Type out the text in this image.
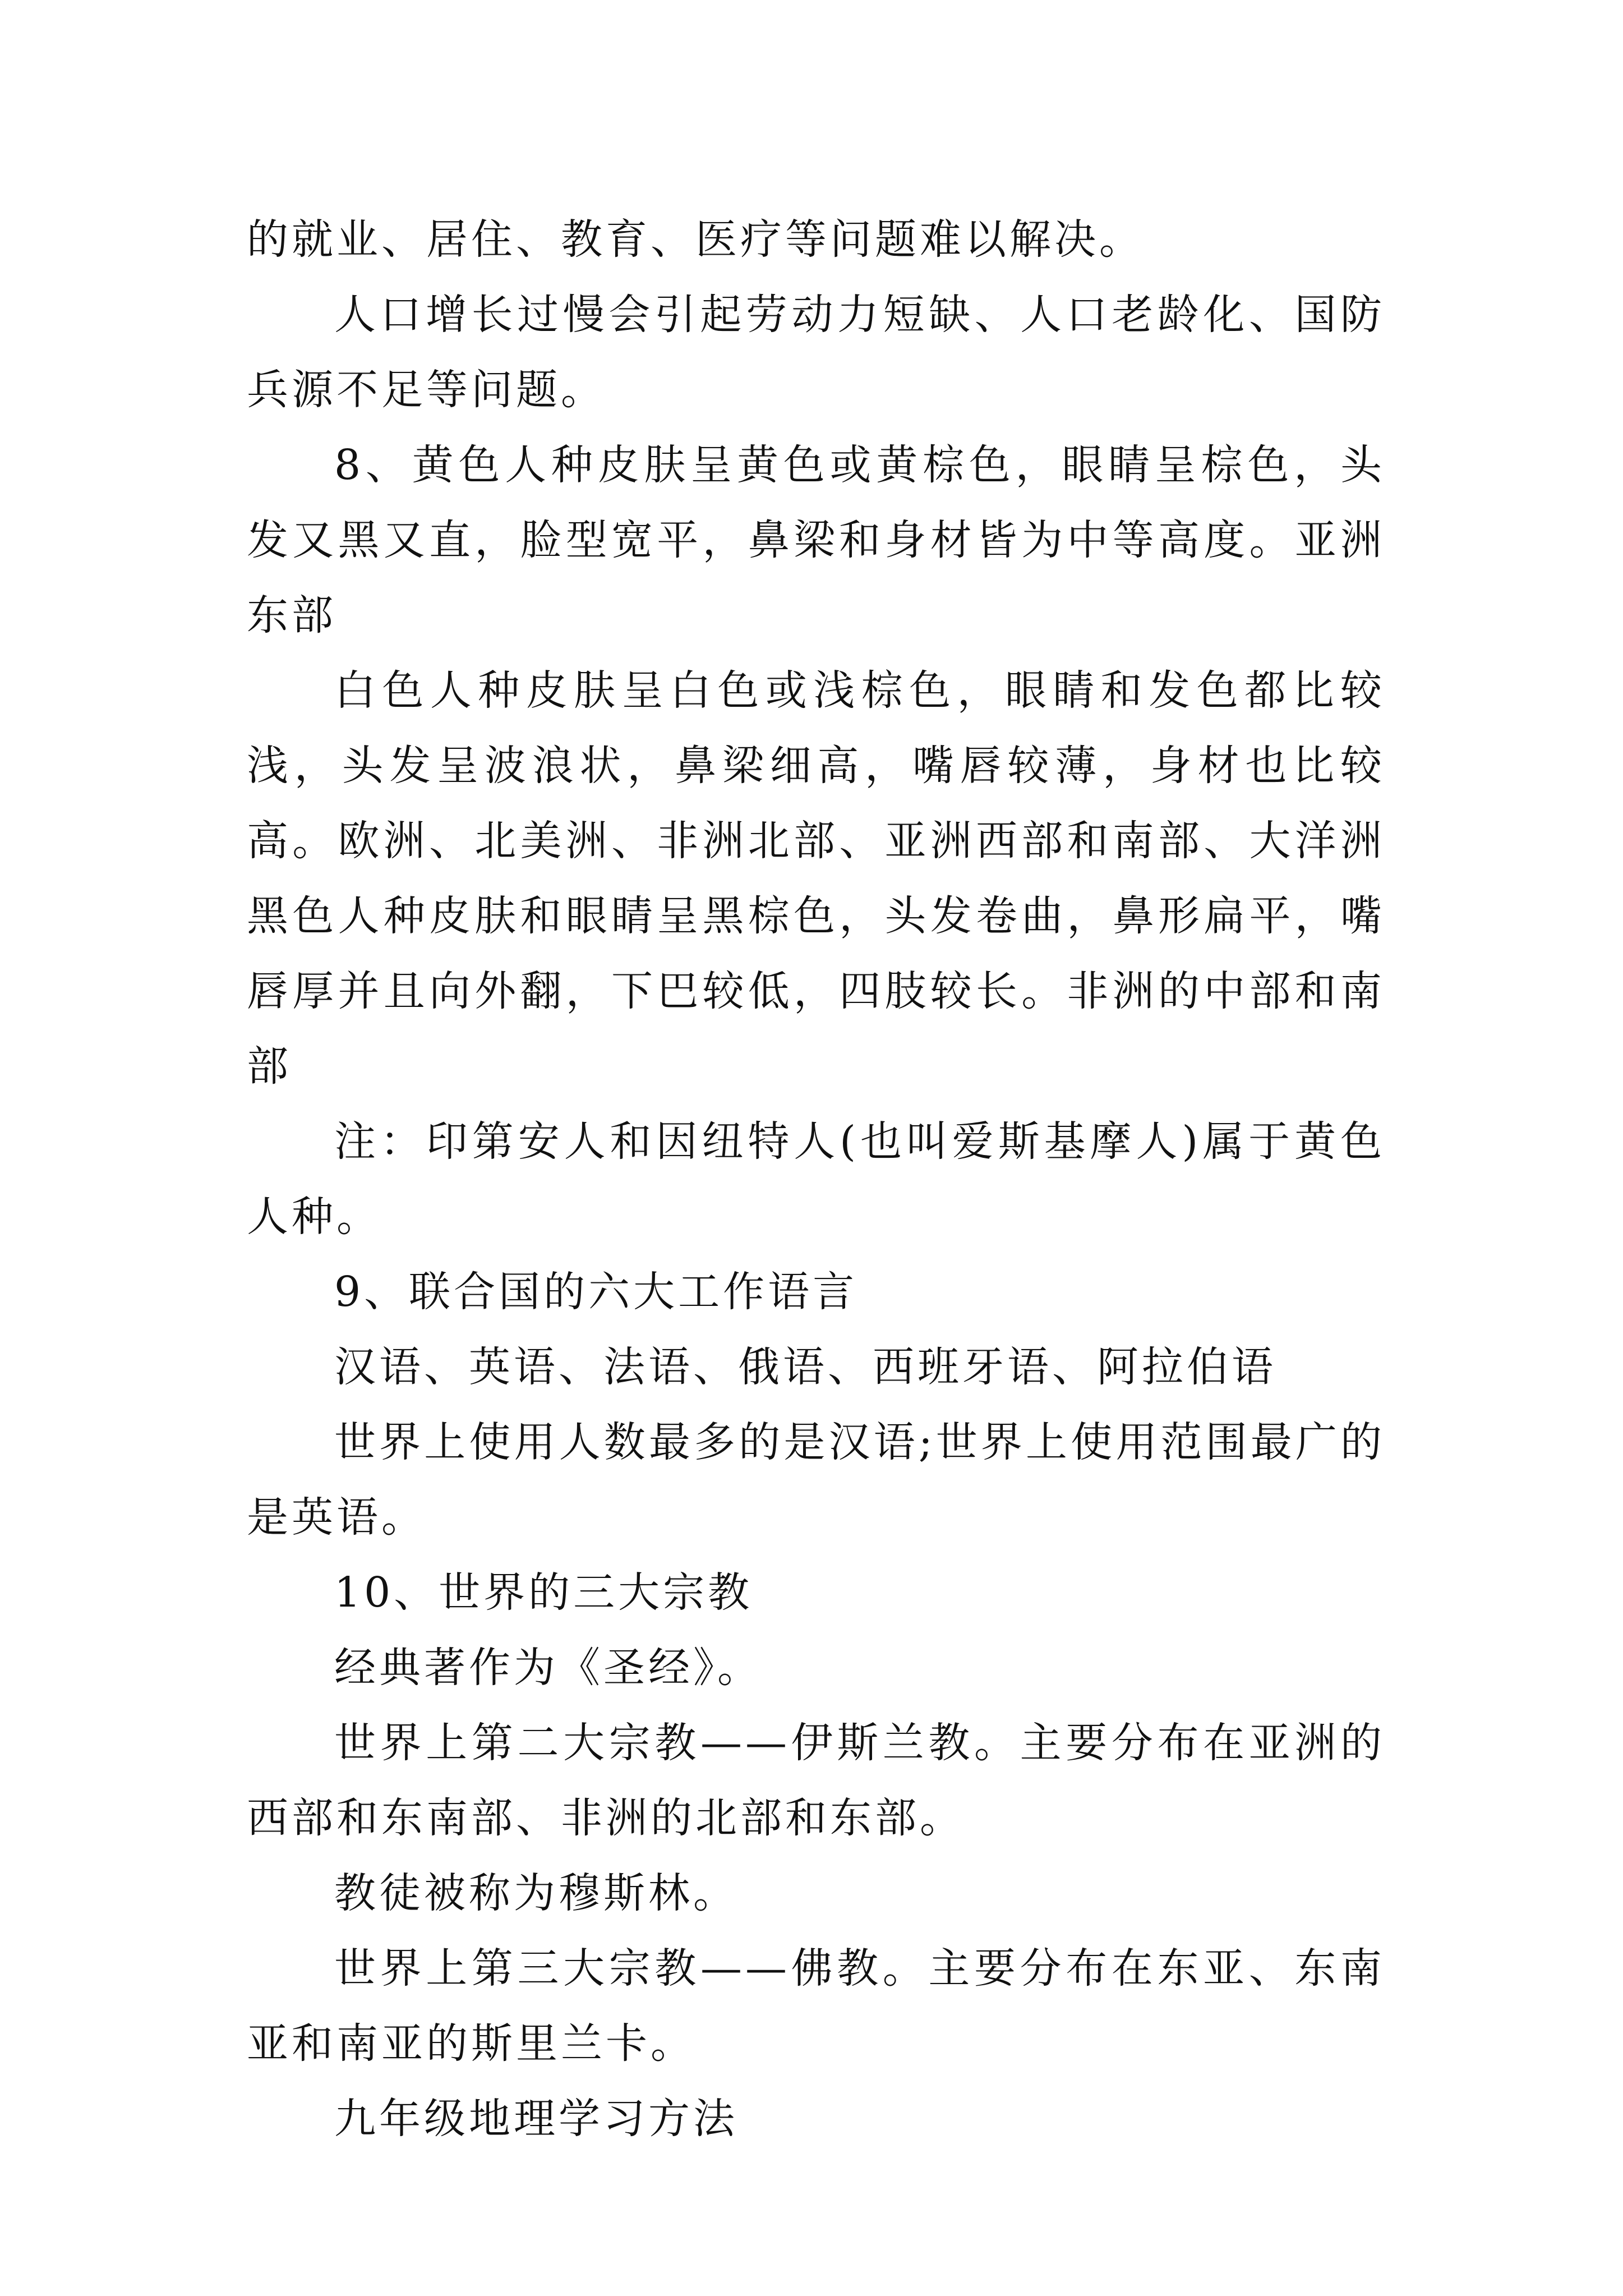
的就业、居住、教育、医疗等问题难以解决。

人口增长过慢会引起劳动力短缺、人口老龄化、国防兵源不足等问题。

8、黄色人种皮肤呈黄色或黄棕色，眼睛呈棕色，头发又黑又直，脸型宽平，鼻梁和身材皆为中等高度。亚洲东部

白色人种皮肤呈白色或浅棕色，眼睛和发色都比较浅，头发呈波浪状，鼻梁细高，嘴唇较薄，身材也比较高。欧洲、北美洲、非洲北部、亚洲西部和南部、大洋洲黑色人种皮肤和眼睛呈黑棕色，头发卷曲，鼻形扁平，嘴唇厚并且向外翻，下巴较低，四肢较长。非洲的中部和南部

注：印第安人和因纽特人(也叫爱斯基摩人)属于黄色人种。

9、联合国的六大工作语言

汉语、英语、法语、俄语、西班牙语、阿拉伯语

世界上使用人数最多的是汉语;世界上使用范围最广的是英语。

10、世界的三大宗教

经典著作为《圣经》。

世界上第二大宗教——伊斯兰教。主要分布在亚洲的西部和东南部、非洲的北部和东部。

教徒被称为穆斯林。

世界上第三大宗教——佛教。主要分布在东亚、东南亚和南亚的斯里兰卡。

九年级地理学习方法
